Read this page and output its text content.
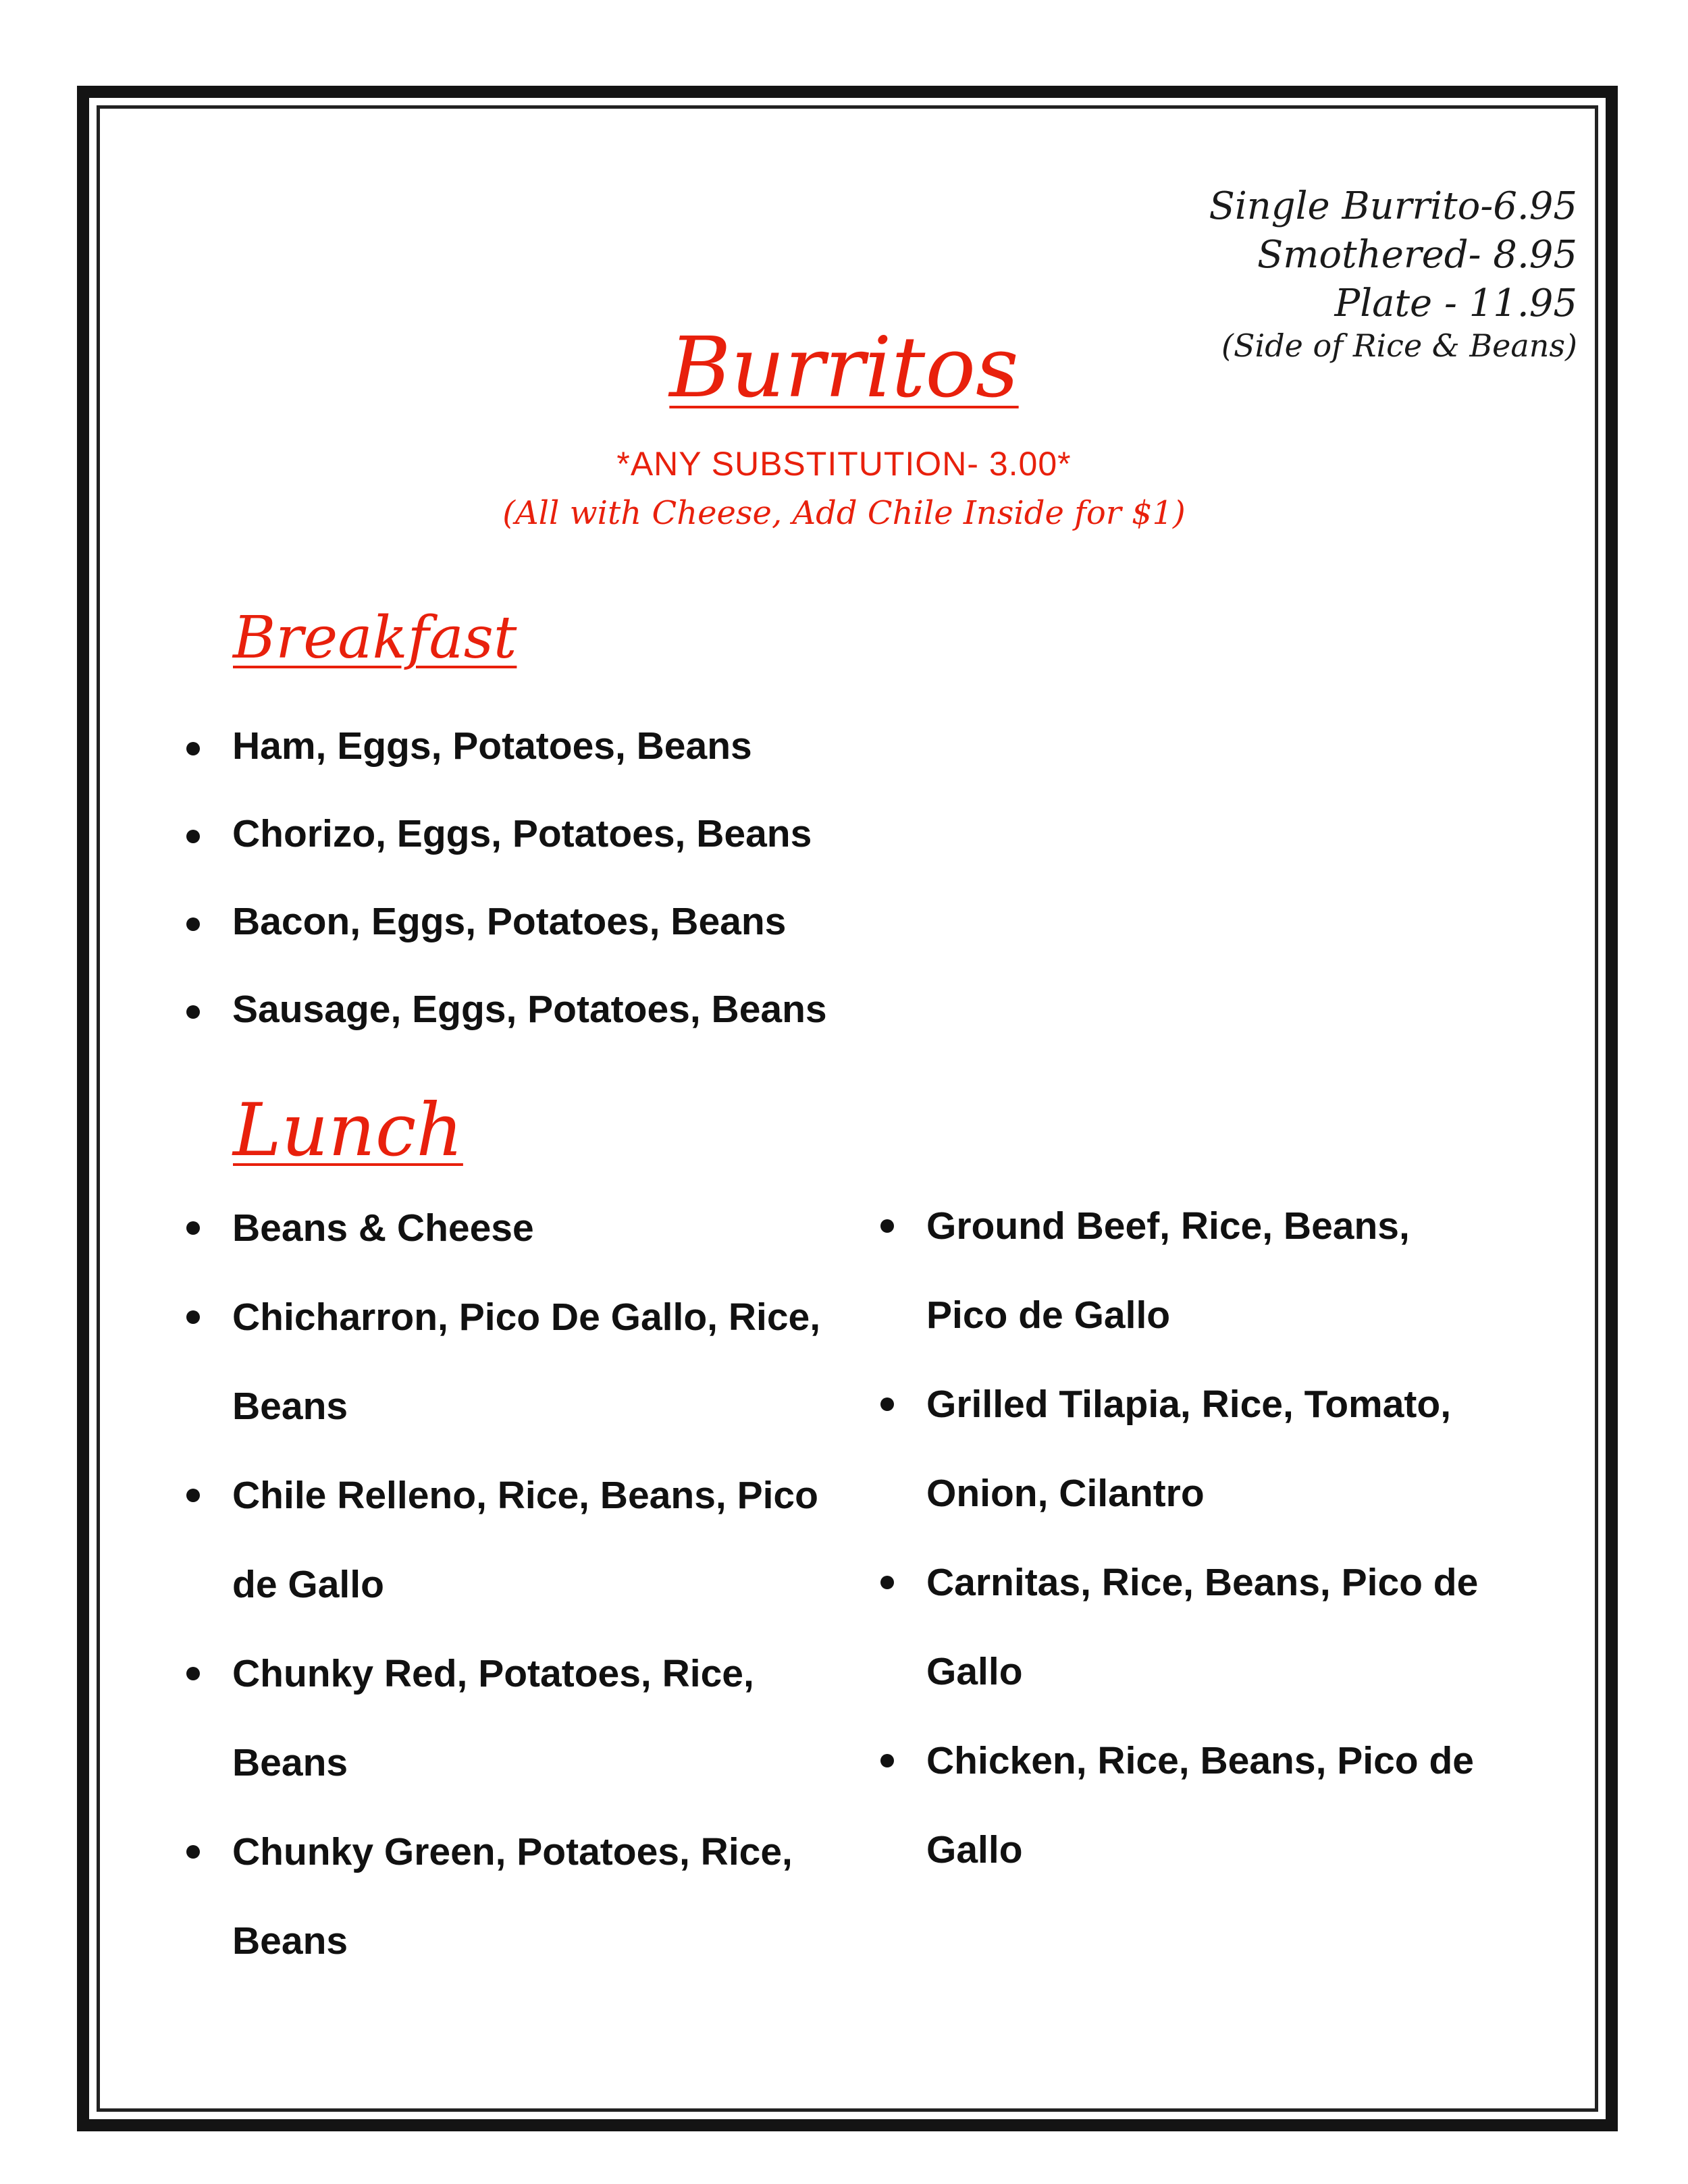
Single Burrito-6.95
Smothered- 8.95
Plate - 11.95
(Side of Rice & Beans)
Burritos
*ANY SUBSTITUTION- 3.00*
(All with Cheese, Add Chile Inside for $1)
Breakfast
Ham, Eggs, Potatoes, Beans
Chorizo, Eggs, Potatoes, Beans
Bacon, Eggs, Potatoes, Beans
Sausage, Eggs, Potatoes, Beans
Lunch
Beans & Cheese
Chicharron, Pico De Gallo, Rice, Beans
Chile Relleno, Rice, Beans, Pico de Gallo
Chunky Red, Potatoes, Rice, Beans
Chunky Green, Potatoes, Rice, Beans
Ground Beef, Rice, Beans, Pico de Gallo
Grilled Tilapia, Rice, Tomato, Onion, Cilantro
Carnitas, Rice, Beans, Pico de Gallo
Chicken, Rice, Beans, Pico de Gallo
